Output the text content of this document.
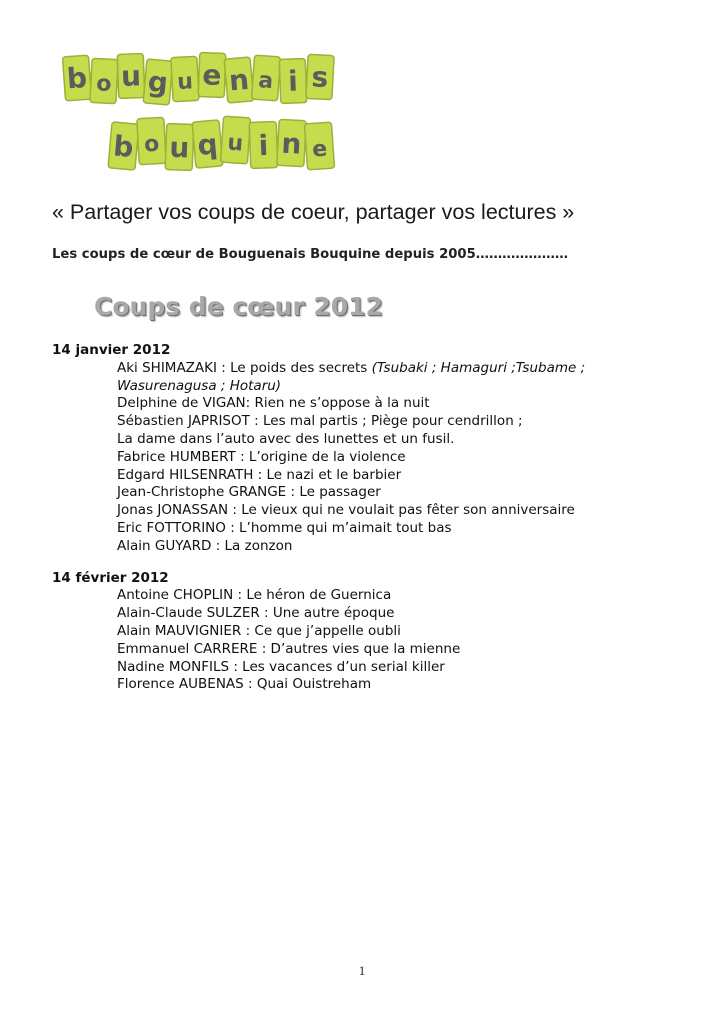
b o u g u e n a i s
b o u q u i n e
« Partager vos coups de coeur, partager vos lectures »
Les coups de cœur de Bouguenais Bouquine depuis 2005…………………
Coups de cœur 2012
14 janvier 2012
Aki SHIMAZAKI : Le poids des secrets (Tsubaki ; Hamaguri ;Tsubame ;
Wasurenagusa ; Hotaru)
Delphine de VIGAN: Rien ne s’oppose à la nuit
Sébastien JAPRISOT : Les mal partis ; Piège pour cendrillon ;
La dame dans l’auto avec des lunettes et un fusil.
Fabrice HUMBERT : L’origine de la violence
Edgard HILSENRATH : Le nazi et le barbier
Jean-Christophe GRANGE : Le passager
Jonas JONASSAN : Le vieux qui ne voulait pas fêter son anniversaire
Eric FOTTORINO : L’homme qui m’aimait tout bas
Alain GUYARD : La zonzon
14 février 2012
Antoine CHOPLIN : Le héron de Guernica
Alain-Claude SULZER : Une autre époque
Alain MAUVIGNIER : Ce que j’appelle oubli
Emmanuel CARRERE : D’autres vies que la mienne
Nadine MONFILS : Les vacances d’un serial killer
Florence AUBENAS : Quai Ouistreham
1
